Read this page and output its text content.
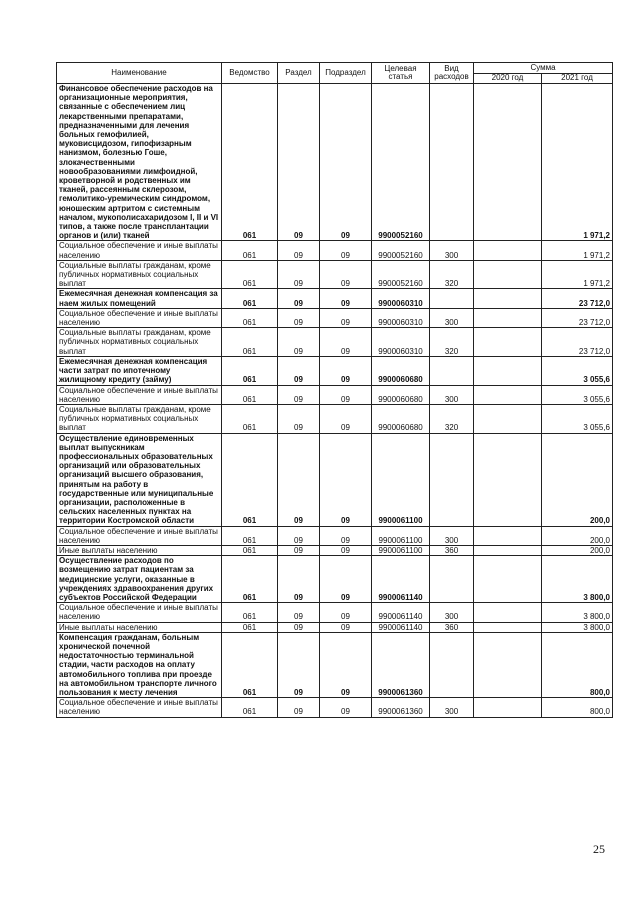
Наименование	Ведомство	Раздел	Подраздел	Целевая статья	Вид расходов	Сумма	
						2020 год	2021 год
Финансовое обеспечение расходов на организационные мероприятия, связанные с обеспечением лиц лекарственными препаратами, предназначенными для лечения больных гемофилией, муковисцидозом, гипофизарным нанизмом, болезнью Гоше, злокачественными новообразованиями лимфоидной, кроветворной и родственных им тканей, рассеянным склерозом, гемолитико-уремическим синдромом, юношеским артритом с системным началом, мукополисахаридозом I, II и VI типов, а также после трансплантации органов и (или) тканей	061	09	09	9900052160			1 971,2
Социальное обеспечение и иные выплаты населению	061	09	09	9900052160	300		1 971,2
Социальные выплаты гражданам, кроме публичных нормативных социальных выплат	061	09	09	9900052160	320		1 971,2
Ежемесячная денежная компенсация за наем жилых помещений	061	09	09	9900060310			23 712,0
Социальное обеспечение и иные выплаты населению	061	09	09	9900060310	300		23 712,0
Социальные выплаты гражданам, кроме публичных нормативных социальных выплат	061	09	09	9900060310	320		23 712,0
Ежемесячная денежная компенсация части затрат по ипотечному жилищному кредиту (займу)	061	09	09	9900060680			3 055,6
Социальное обеспечение и иные выплаты населению	061	09	09	9900060680	300		3 055,6
Социальные выплаты гражданам, кроме публичных нормативных социальных выплат	061	09	09	9900060680	320		3 055,6
Осуществление единовременных выплат выпускникам профессиональных образовательных организаций или образовательных организаций высшего образования, принятым на работу в государственные или муниципальные организации, расположенные в сельских населенных пунктах на территории Костромской области	061	09	09	9900061100			200,0
Социальное обеспечение и иные выплаты населению	061	09	09	9900061100	300		200,0
Иные выплаты населению	061	09	09	9900061100	360		200,0
Осуществление расходов по возмещению затрат пациентам за медицинские услуги, оказанные в учреждениях здравоохранения других субъектов Российской Федерации	061	09	09	9900061140			3 800,0
Социальное обеспечение и иные выплаты населению	061	09	09	9900061140	300		3 800,0
Иные выплаты населению	061	09	09	9900061140	360		3 800,0
Компенсация гражданам, больным хронической почечной недостаточностью терминальной стадии, части расходов на оплату автомобильного топлива при проезде на автомобильном транспорте личного пользования к месту лечения	061	09	09	9900061360			800,0
Социальное обеспечение и иные выплаты населению	061	09	09	9900061360	300		800,0
25
